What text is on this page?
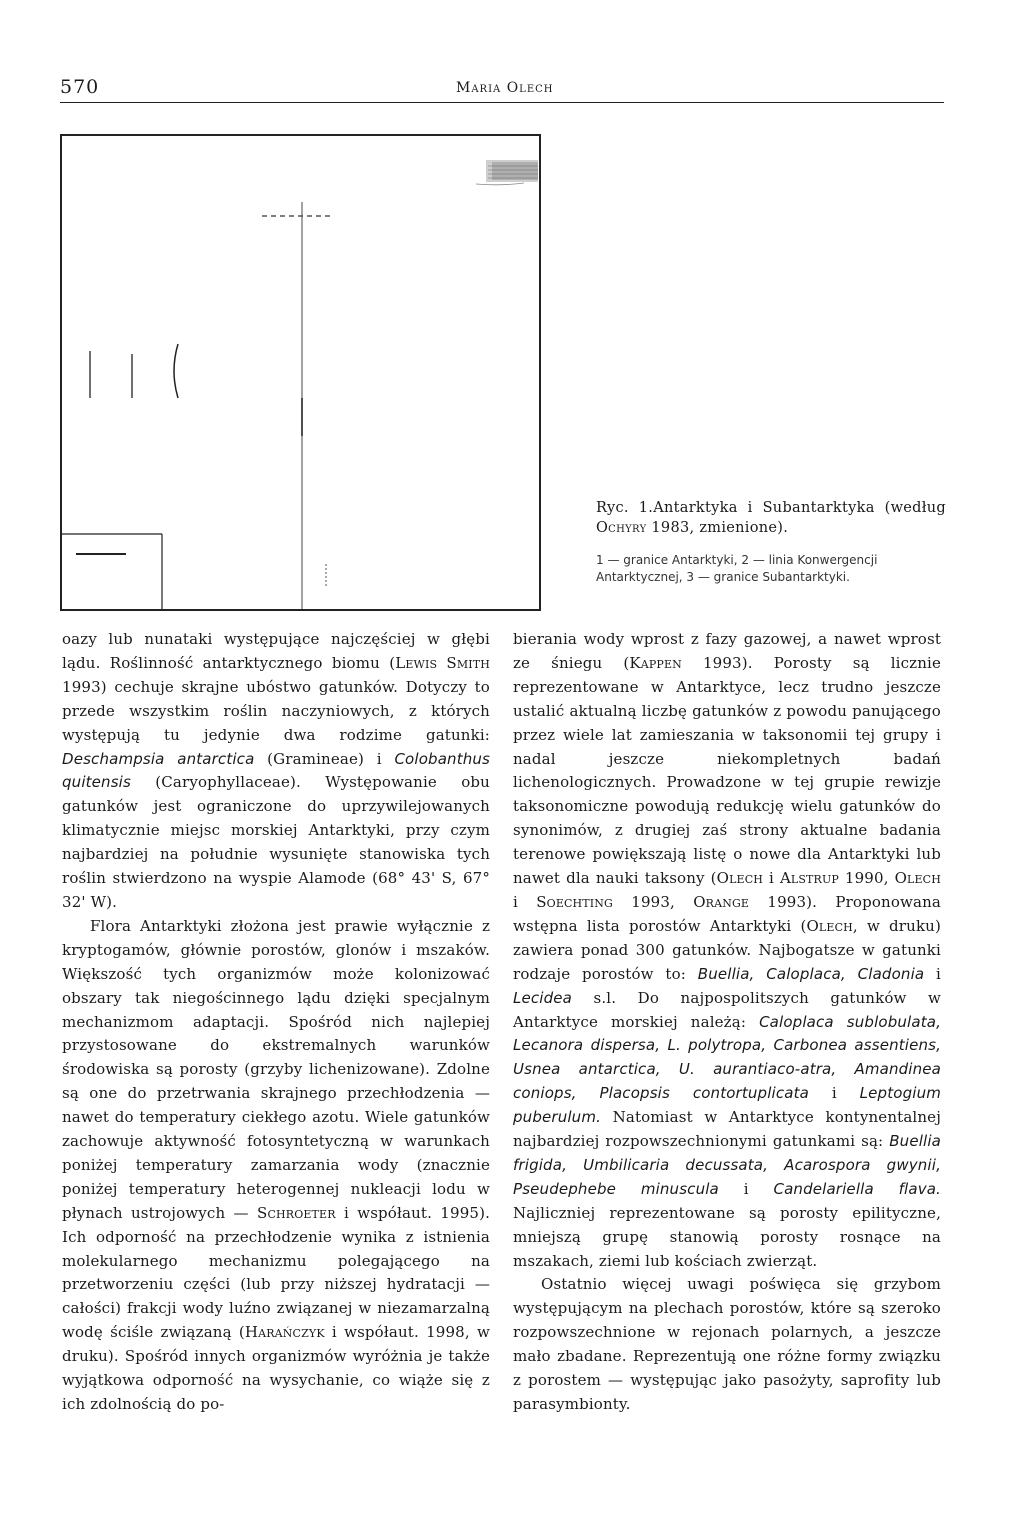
570	Maria Olech

Ryc. 1.Antarktyka i Subantarktyka (według Ochyry 1983, zmienione).

1 — granice Antarktyki, 2 — linia Konwergencji Antarktycznej, 3 — granice Subantarktyki.

oazy lub nunataki występujące najczęściej w głębi lądu. Roślinność antarktycznego biomu (Lewis Smith 1993) cechuje skrajne ubóstwo gatunków. Dotyczy to przede wszystkim roślin naczyniowych, z których występują tu jedynie dwa rodzime gatunki: Deschampsia antarctica (Gramineae) i Colobanthus quitensis (Caryophyllaceae). Występowanie obu gatunków jest ograniczone do uprzywilejowanych klimatycznie miejsc morskiej Antarktyki, przy czym najbardziej na południe wysunięte stanowiska tych roślin stwierdzono na wyspie Alamode (68° 43' S, 67° 32' W).

Flora Antarktyki złożona jest prawie wyłącznie z kryptogamów, głównie porostów, glonów i mszaków. Większość tych organizmów może kolonizować obszary tak niegościnnego lądu dzięki specjalnym mechanizmom adaptacji. Spośród nich najlepiej przystosowane do ekstremalnych warunków środowiska są porosty (grzyby lichenizowane). Zdolne są one do przetrwania skrajnego przechłodzenia — nawet do temperatury ciekłego azotu. Wiele gatunków zachowuje aktywność fotosyntetyczną w warunkach poniżej temperatury zamarzania wody (znacznie poniżej temperatury heterogennej nukleacji lodu w płynach ustrojowych — Schroeter i współaut. 1995). Ich odporność na przechłodzenie wynika z istnienia molekularnego mechanizmu polegającego na przetworzeniu części (lub przy niższej hydratacji — całości) frakcji wody luźno związanej w niezamarzalną wodę ściśle związaną (Harańczyk i współaut. 1998, w druku). Spośród innych organizmów wyróżnia je także wyjątkowa odporność na wysychanie, co wiąże się z ich zdolnością do po-

bierania wody wprost z fazy gazowej, a nawet wprost ze śniegu (Kappen 1993). Porosty są licznie reprezentowane w Antarktyce, lecz trudno jeszcze ustalić aktualną liczbę gatunków z powodu panującego przez wiele lat zamieszania w taksonomii tej grupy i nadal jeszcze niekompletnych badań lichenologicznych. Prowadzone w tej grupie rewizje taksonomiczne powodują redukcję wielu gatunków do synonimów, z drugiej zaś strony aktualne badania terenowe powiększają listę o nowe dla Antarktyki lub nawet dla nauki taksony (Olech i Alstrup 1990, Olech i Soechting 1993, Orange 1993). Proponowana wstępna lista porostów Antarktyki (Olech, w druku) zawiera ponad 300 gatunków. Najbogatsze w gatunki rodzaje porostów to: Buellia, Caloplaca, Cladonia i Lecidea s.l. Do najpospolitszych gatunków w Antarktyce morskiej należą: Caloplaca sublobulata, Lecanora dispersa, L. polytropa, Carbonea assentiens, Usnea antarctica, U. aurantiaco-atra, Amandinea coniops, Placopsis contortuplicata i Leptogium puberulum. Natomiast w Antarktyce kontynentalnej najbardziej rozpowszechnionymi gatunkami są: Buellia frigida, Umbilicaria decussata, Acarospora gwynii, Pseudephebe minuscula i Candelariella flava. Najliczniej reprezentowane są porosty epilityczne, mniejszą grupę stanowią porosty rosnące na mszakach, ziemi lub kościach zwierząt.

Ostatnio więcej uwagi poświęca się grzybom występującym na plechach porostów, które są szeroko rozpowszechnione w rejonach polarnych, a jeszcze mało zbadane. Reprezentują one różne formy związku z porostem — występując jako pasożyty, saprofity lub parasymbionty.
